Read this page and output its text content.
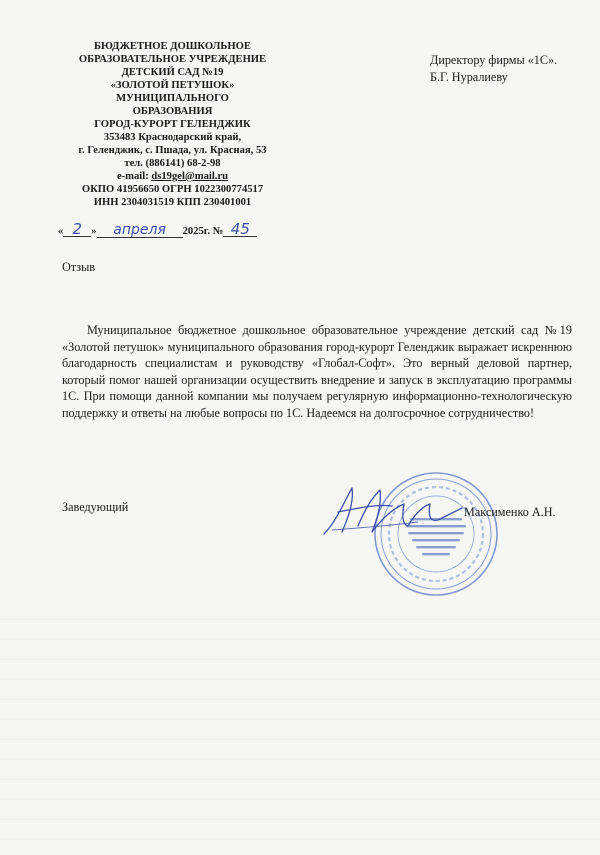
БЮДЖЕТНОЕ ДОШКОЛЬНОЕ
ОБРАЗОВАТЕЛЬНОЕ УЧРЕЖДЕНИЕ
ДЕТСКИЙ САД №19
«ЗОЛОТОЙ ПЕТУШОК»
МУНИЦИПАЛЬНОГО
ОБРАЗОВАНИЯ
ГОРОД-КУРОРТ ГЕЛЕНДЖИК
353483 Краснодарский край,
г. Геленджик, с. Пшада, ул. Красная, 53
тел. (886141) 68-2-98
e-mail: ds19gel@mail.ru
ОКПО 41956650 ОГРН 1022300774517
ИНН 2304031519 КПП 230401001
« 2 » апреля 2025г. № 45
Директору фирмы «1С».
Б.Г. Нуралиеву
Отзыв
Муниципальное бюджетное дошкольное образовательное учреждение детский сад №19 «Золотой петушок» муниципального образования город-курорт Геленджик выражает искреннюю благодарность специалистам и руководству «Глобал-Софт». Это верный деловой партнер, который помог нашей организации осуществить внедрение и запуск в эксплуатацию программы 1С. При помощи данной компании мы получаем регулярную информационно-технологическую поддержку и ответы на любые вопросы по 1С. Надеемся на долгосрочное сотрудничество!
Заведующий	Максименко А.Н.
